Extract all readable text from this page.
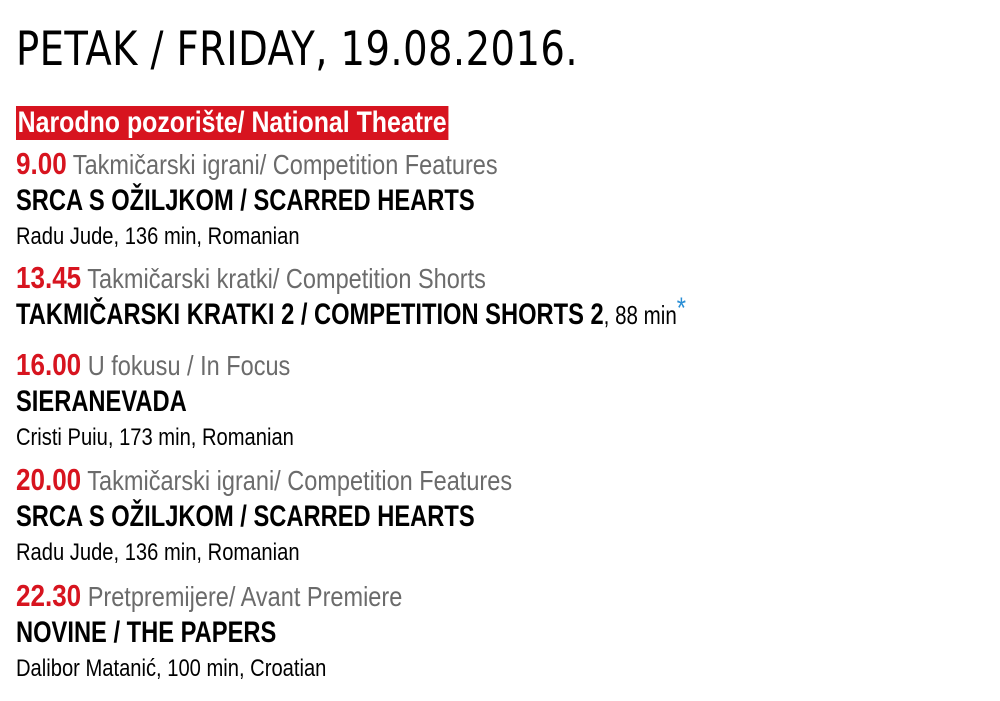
PETAK / FRIDAY, 19.08.2016.
Narodno pozorište/ National Theatre
9.00 Takmičarski igrani/ Competition Features
SRCA S OŽILJKOM / SCARRED HEARTS
Radu Jude, 136 min, Romanian
13.45 Takmičarski kratki/ Competition Shorts
TAKMIČARSKI KRATKI 2 / COMPETITION SHORTS 2, 88 min*
16.00 U fokusu / In Focus
SIERANEVADA
Cristi Puiu, 173 min, Romanian
20.00 Takmičarski igrani/ Competition Features
SRCA S OŽILJKOM / SCARRED HEARTS
Radu Jude, 136 min, Romanian
22.30 Pretpremijere/ Avant Premiere
NOVINE / THE PAPERS
Dalibor Matanić, 100 min, Croatian
